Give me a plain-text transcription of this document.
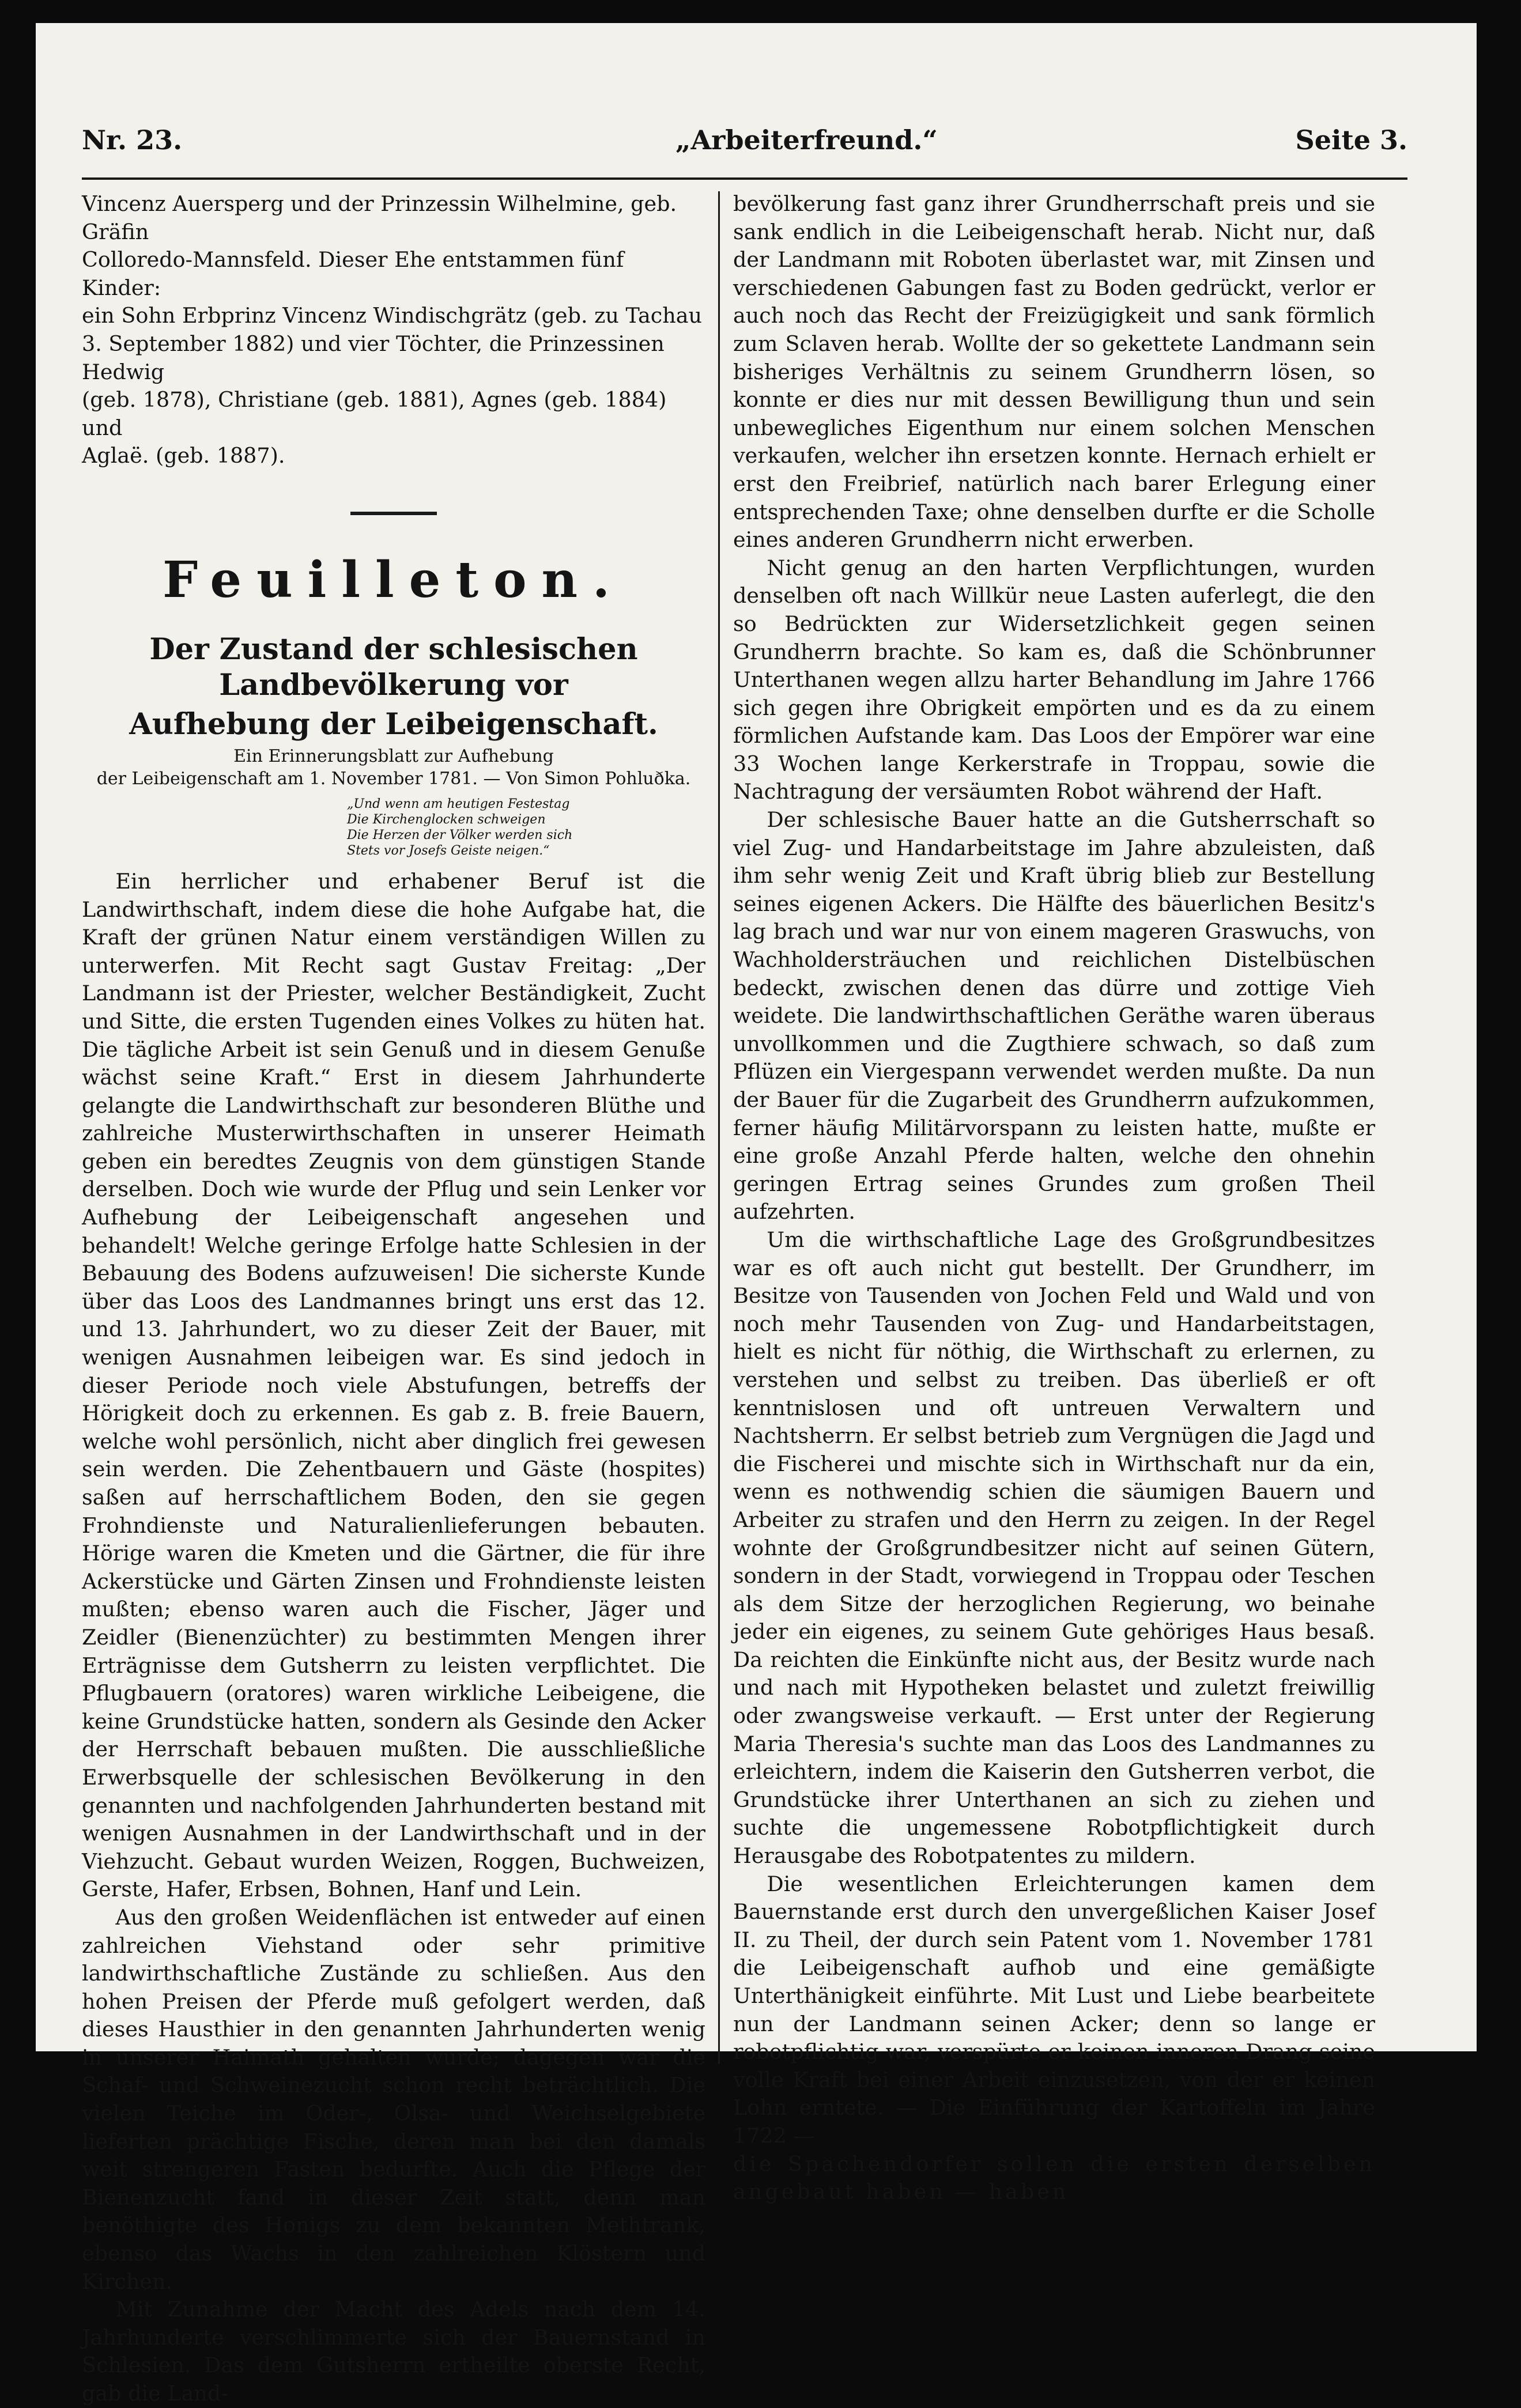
Nr. 23.	„Arbeiterfreund.“	Seite 3.

Vincenz Auersperg und der Prinzessin Wilhelmine, geb. Gräfin

Colloredo-Mannsfeld. Dieser Ehe entstammen fünf Kinder:

ein Sohn Erbprinz Vincenz Windischgrätz (geb. zu Tachau

3. September 1882) und vier Töchter, die Prinzessinen Hedwig

(geb. 1878), Christiane (geb. 1881), Agnes (geb. 1884) und

Aglaë. (geb. 1887).

Feuilleton.

Der Zustand der schlesischen Landbevölkerung vor

Aufhebung der Leibeigenschaft.

Ein Erinnerungsblatt zur Aufhebung

der Leibeigenschaft am 1. November 1781. — Von Simon Pohluðka.

„Und wenn am heutigen Festestag
Die Kirchenglocken schweigen
Die Herzen der Völker werden sich
Stets vor Josefs Geiste neigen.“

Ein herrlicher und erhabener Beruf ist die Landwirthschaft, indem diese die hohe Aufgabe hat, die Kraft der grünen Natur einem verständigen Willen zu unterwerfen. Mit Recht sagt Gustav Freitag: „Der Landmann ist der Priester, welcher Beständigkeit, Zucht und Sitte, die ersten Tugenden eines Volkes zu hüten hat. Die tägliche Arbeit ist sein Genuß und in diesem Genuße wächst seine Kraft.“ Erst in diesem Jahrhunderte gelangte die Landwirthschaft zur besonderen Blüthe und zahlreiche Musterwirthschaften in unserer Heimath geben ein beredtes Zeugnis von dem günstigen Stande derselben. Doch wie wurde der Pflug und sein Lenker vor Aufhebung der Leibeigenschaft angesehen und behandelt! Welche geringe Erfolge hatte Schlesien in der Bebauung des Bodens aufzuweisen! Die sicherste Kunde über das Loos des Landmannes bringt uns erst das 12. und 13. Jahrhundert, wo zu dieser Zeit der Bauer, mit wenigen Ausnahmen leibeigen war. Es sind jedoch in dieser Periode noch viele Abstufungen, betreffs der Hörigkeit doch zu erkennen. Es gab z. B. freie Bauern, welche wohl persönlich, nicht aber dinglich frei gewesen sein werden. Die Zehentbauern und Gäste (hospites) saßen auf herrschaftlichem Boden, den sie gegen Frohndienste und Naturalienlieferungen bebauten. Hörige waren die Kmeten und die Gärtner, die für ihre Ackerstücke und Gärten Zinsen und Frohndienste leisten mußten; ebenso waren auch die Fischer, Jäger und Zeidler (Bienenzüchter) zu bestimmten Mengen ihrer Erträgnisse dem Gutsherrn zu leisten verpflichtet. Die Pflugbauern (oratores) waren wirkliche Leibeigene, die keine Grundstücke hatten, sondern als Gesinde den Acker der Herrschaft bebauen mußten. Die ausschließliche Erwerbsquelle der schlesischen Bevölkerung in den genannten und nachfolgenden Jahrhunderten bestand mit wenigen Ausnahmen in der Landwirthschaft und in der Viehzucht. Gebaut wurden Weizen, Roggen, Buchweizen, Gerste, Hafer, Erbsen, Bohnen, Hanf und Lein.

Aus den großen Weidenflächen ist entweder auf einen zahlreichen Viehstand oder sehr primitive landwirthschaftliche Zustände zu schließen. Aus den hohen Preisen der Pferde muß gefolgert werden, daß dieses Hausthier in den genannten Jahrhunderten wenig in unserer Haimath gehalten wurde; dagegen war die Schaf- und Schweinezucht schon recht beträchtlich. Die vielen Teiche im Oder-, Olsa- und Weichselgebiete lieferten prächtige Fische, deren man bei den damals weit strengeren Fasten bedurfte. Auch die Pflege der Bienenzucht fand in dieser Zeit statt, denn man benöthigte des Honigs zu dem bekannten Methtrank, ebenso das Wachs in den zahlreichen Klöstern und Kirchen.

Mit Zunahme der Macht des Adels nach dem 14. Jahrhunderte verschlimmerte sich der Bauernstand in Schlesien. Das dem Gutsherrn ertheilte oberste Recht, gab die Land-

bevölkerung fast ganz ihrer Grundherrschaft preis und sie sank endlich in die Leibeigenschaft herab. Nicht nur, daß der Landmann mit Roboten überlastet war, mit Zinsen und verschiedenen Gabungen fast zu Boden gedrückt, verlor er auch noch das Recht der Freizügigkeit und sank förmlich zum Sclaven herab. Wollte der so gekettete Landmann sein bisheriges Verhältnis zu seinem Grundherrn lösen, so konnte er dies nur mit dessen Bewilligung thun und sein unbewegliches Eigenthum nur einem solchen Menschen verkaufen, welcher ihn ersetzen konnte. Hernach erhielt er erst den Freibrief, natürlich nach barer Erlegung einer entsprechenden Taxe; ohne denselben durfte er die Scholle eines anderen Grundherrn nicht erwerben.

Nicht genug an den harten Verpflichtungen, wurden denselben oft nach Willkür neue Lasten auferlegt, die den so Bedrückten zur Widersetzlichkeit gegen seinen Grundherrn brachte. So kam es, daß die Schönbrunner Unterthanen wegen allzu harter Behandlung im Jahre 1766 sich gegen ihre Obrigkeit empörten und es da zu einem förmlichen Aufstande kam. Das Loos der Empörer war eine 33 Wochen lange Kerkerstrafe in Troppau, sowie die Nachtragung der versäumten Robot während der Haft.

Der schlesische Bauer hatte an die Gutsherrschaft so viel Zug- und Handarbeitstage im Jahre abzuleisten, daß ihm sehr wenig Zeit und Kraft übrig blieb zur Bestellung seines eigenen Ackers. Die Hälfte des bäuerlichen Besitz's lag brach und war nur von einem mageren Graswuchs, von Wachholdersträuchen und reichlichen Distelbüschen bedeckt, zwischen denen das dürre und zottige Vieh weidete. Die landwirthschaftlichen Geräthe waren überaus unvollkommen und die Zugthiere schwach, so daß zum Pflüzen ein Viergespann verwendet werden mußte. Da nun der Bauer für die Zugarbeit des Grundherrn aufzukommen, ferner häufig Militärvorspann zu leisten hatte, mußte er eine große Anzahl Pferde halten, welche den ohnehin geringen Ertrag seines Grundes zum großen Theil aufzehrten.

Um die wirthschaftliche Lage des Großgrundbesitzes war es oft auch nicht gut bestellt. Der Grundherr, im Besitze von Tausenden von Jochen Feld und Wald und von noch mehr Tausenden von Zug- und Handarbeitstagen, hielt es nicht für nöthig, die Wirthschaft zu erlernen, zu verstehen und selbst zu treiben. Das überließ er oft kenntnislosen und oft untreuen Verwaltern und Nachtsherrn. Er selbst betrieb zum Vergnügen die Jagd und die Fischerei und mischte sich in Wirthschaft nur da ein, wenn es nothwendig schien die säumigen Bauern und Arbeiter zu strafen und den Herrn zu zeigen. In der Regel wohnte der Großgrundbesitzer nicht auf seinen Gütern, sondern in der Stadt, vorwiegend in Troppau oder Teschen als dem Sitze der herzoglichen Regierung, wo beinahe jeder ein eigenes, zu seinem Gute gehöriges Haus besaß. Da reichten die Einkünfte nicht aus, der Besitz wurde nach und nach mit Hypotheken belastet und zuletzt freiwillig oder zwangsweise verkauft. — Erst unter der Regierung Maria Theresia's suchte man das Loos des Landmannes zu erleichtern, indem die Kaiserin den Gutsherren verbot, die Grundstücke ihrer Unterthanen an sich zu ziehen und suchte die ungemessene Robotpflichtigkeit durch Herausgabe des Robotpatentes zu mildern.

Die wesentlichen Erleichterungen kamen dem Bauernstande erst durch den unvergeßlichen Kaiser Josef II. zu Theil, der durch sein Patent vom 1. November 1781 die Leibeigenschaft aufhob und eine gemäßigte Unterthänigkeit einführte. Mit Lust und Liebe bearbeitete nun der Landmann seinen Acker; denn so lange er robotpflichtig war, verspürte er keinen inneren Drang seine volle Kraft bei einer Arbeit einzusetzen, von der er keinen Lohn erntete. — Die Einführung der Kartoffeln im Jahre 1722 —

die Spachendorfer sollen die ersten derselben angebaut haben — haben
